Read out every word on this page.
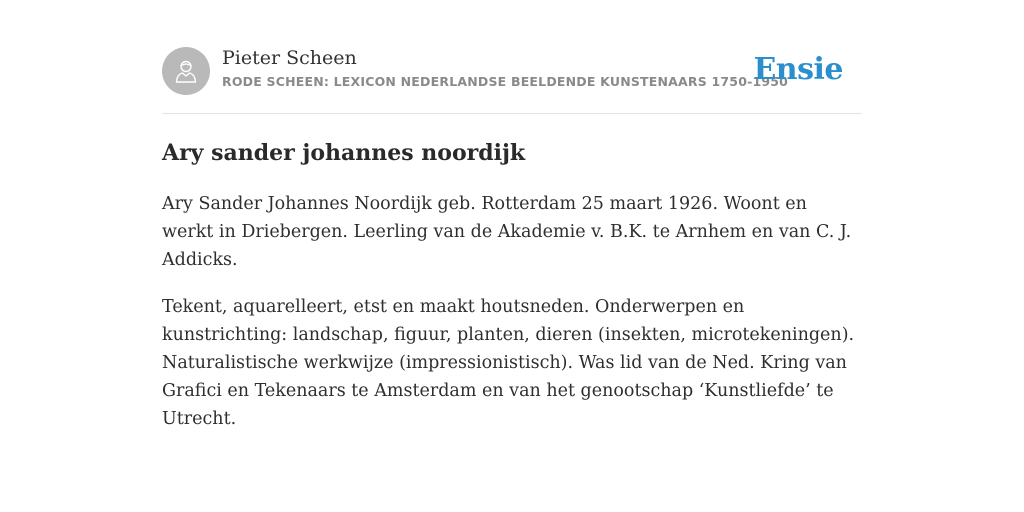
Pieter Scheen
RODE SCHEEN: LEXICON NEDERLANDSE BEELDENDE KUNSTENAARS 1750-1950
Ensie
Ary sander johannes noordijk

Ary Sander Johannes Noordijk geb. Rotterdam 25 maart 1926. Woont en werkt in Driebergen. Leerling van de Akademie v. B.K. te Arnhem en van C. J. Addicks.

Tekent, aquarelleert, etst en maakt houtsneden. Onderwerpen en kunstrichting: landschap, figuur, planten, dieren (insekten, microtekeningen). Naturalistische werkwijze (impressionistisch). Was lid van de Ned. Kring van Grafici en Tekenaars te Amsterdam en van het genootschap ‘Kunstliefde’ te Utrecht.
